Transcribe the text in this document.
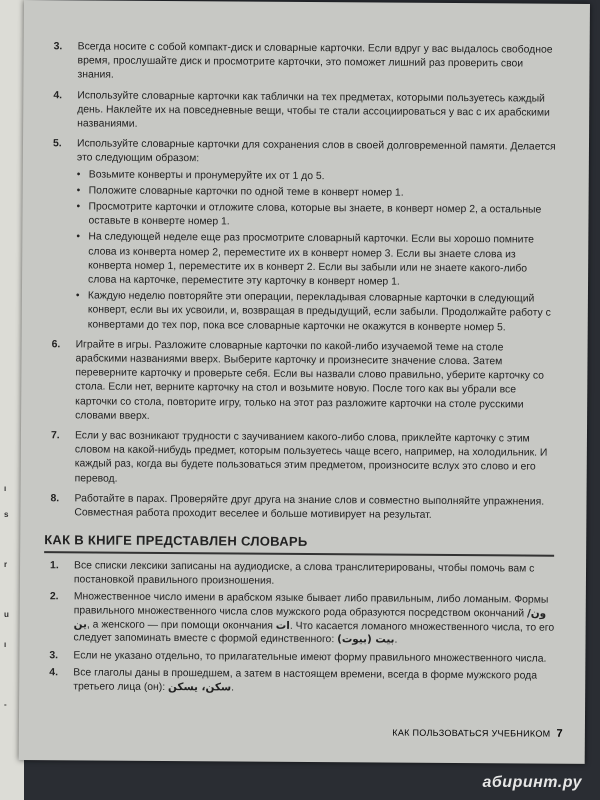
ı
s
r
u
ı
-
3. Всегда носите с собой компакт-диск и словарные карточки. Если вдруг у вас выдалось свободное время, прослушайте диск и просмотрите карточки, это поможет лишний раз проверить свои знания.
4. Используйте словарные карточки как таблички на тех предметах, которыми пользуетесь каждый день. Наклейте их на повседневные вещи, чтобы те стали ассоциироваться у вас с их арабскими названиями.
5. Используйте словарные карточки для сохранения слов в своей долговременной памяти. Делается это следующим образом:
• Возьмите конверты и пронумеруйте их от 1 до 5.
• Положите словарные карточки по одной теме в конверт номер 1.
• Просмотрите карточки и отложите слова, которые вы знаете, в конверт номер 2, а остальные оставьте в конверте номер 1.
• На следующей неделе еще раз просмотрите словарный карточки. Если вы хорошо помните слова из конверта номер 2, переместите их в конверт номер 3. Если вы знаете слова из конверта номер 1, переместите их в конверт 2. Если вы забыли или не знаете какого-либо слова на карточке, переместите эту карточку в конверт номер 1.
• Каждую неделю повторяйте эти операции, перекладывая словарные карточки в следующий конверт, если вы их усвоили, и, возвращая в предыдущий, если забыли. Продолжайте работу с конвертами до тех пор, пока все словарные карточки не окажутся в конверте номер 5.
6. Играйте в игры. Разложите словарные карточки по какой-либо изучаемой теме на столе арабскими названиями вверх. Выберите карточку и произнесите значение слова. Затем переверните карточку и проверьте себя. Если вы назвали слово правильно, уберите карточку со стола. Если нет, верните карточку на стол и возьмите новую. После того как вы убрали все карточки со стола, повторите игру, только на этот раз разложите карточки на столе русскими словами вверх.
7. Если у вас возникают трудности с заучиванием какого-либо слова, приклейте карточку с этим словом на какой-нибудь предмет, которым пользуетесь чаще всего, например, на холодильник. И каждый раз, когда вы будете пользоваться этим предметом, произносите вслух это слово и его перевод.
8. Работайте в парах. Проверяйте друг друга на знание слов и совместно выполняйте упражнения. Совместная работа проходит веселее и больше мотивирует на результат.
КАК В КНИГЕ ПРЕДСТАВЛЕН СЛОВАРЬ
1. Все списки лексики записаны на аудиодиске, а слова транслитерированы, чтобы помочь вам с постановкой правильного произношения.
2. Множественное число имени в арабском языке бывает либо правильным, либо ломаным. Формы правильного множественного числа слов мужского рода образуются посредством окончаний ون/ين, а женского — при помощи окончания ات. Что касается ломаного множественного числа, то его следует запоминать вместе с формой единственного: بيت (بيوت).
3. Если не указано отдельно, то прилагательные имеют форму правильного множественного числа.
4. Все глаголы даны в прошедшем, а затем в настоящем времени, всегда в форме мужского рода третьего лица (он): سكن، يسكن.
КАК ПОЛЬЗОВАТЬСЯ УЧЕБНИКОМ 7
абиринт.ру
